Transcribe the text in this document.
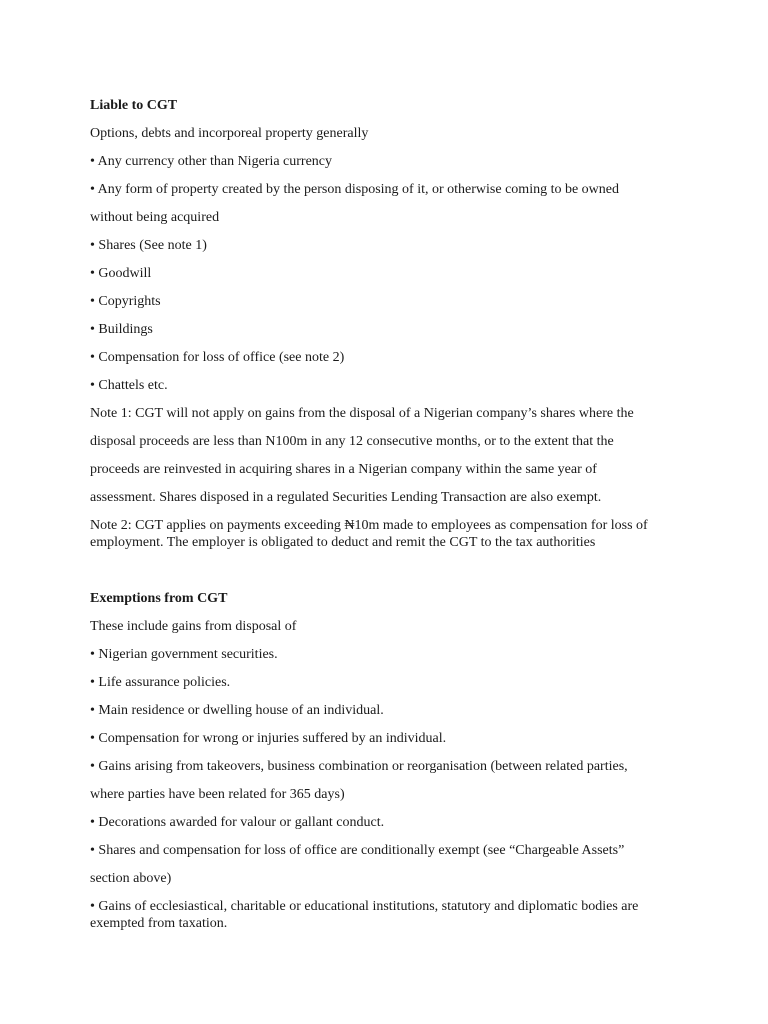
Liable to CGT

Options, debts and incorporeal property generally

• Any currency other than Nigeria currency

• Any form of property created by the person disposing of it, or otherwise coming to be owned without being acquired

• Shares (See note 1)

• Goodwill

• Copyrights

• Buildings

• Compensation for loss of office (see note 2)

• Chattels etc.

Note 1: CGT will not apply on gains from the disposal of a Nigerian company’s shares where the disposal proceeds are less than N100m in any 12 consecutive months, or to the extent that the proceeds are reinvested in acquiring shares in a Nigerian company within the same year of assessment. Shares disposed in a regulated Securities Lending Transaction are also exempt.

Note 2: CGT applies on payments exceeding ₦10m made to employees as compensation for loss of employment. The employer is obligated to deduct and remit the CGT to the tax authorities

Exemptions from CGT

These include gains from disposal of

• Nigerian government securities.

• Life assurance policies.

• Main residence or dwelling house of an individual.

• Compensation for wrong or injuries suffered by an individual.

• Gains arising from takeovers, business combination or reorganisation (between related parties, where parties have been related for 365 days)

• Decorations awarded for valour or gallant conduct.

• Shares and compensation for loss of office are conditionally exempt (see “Chargeable Assets” section above)

• Gains of ecclesiastical, charitable or educational institutions, statutory and diplomatic bodies are exempted from taxation.
